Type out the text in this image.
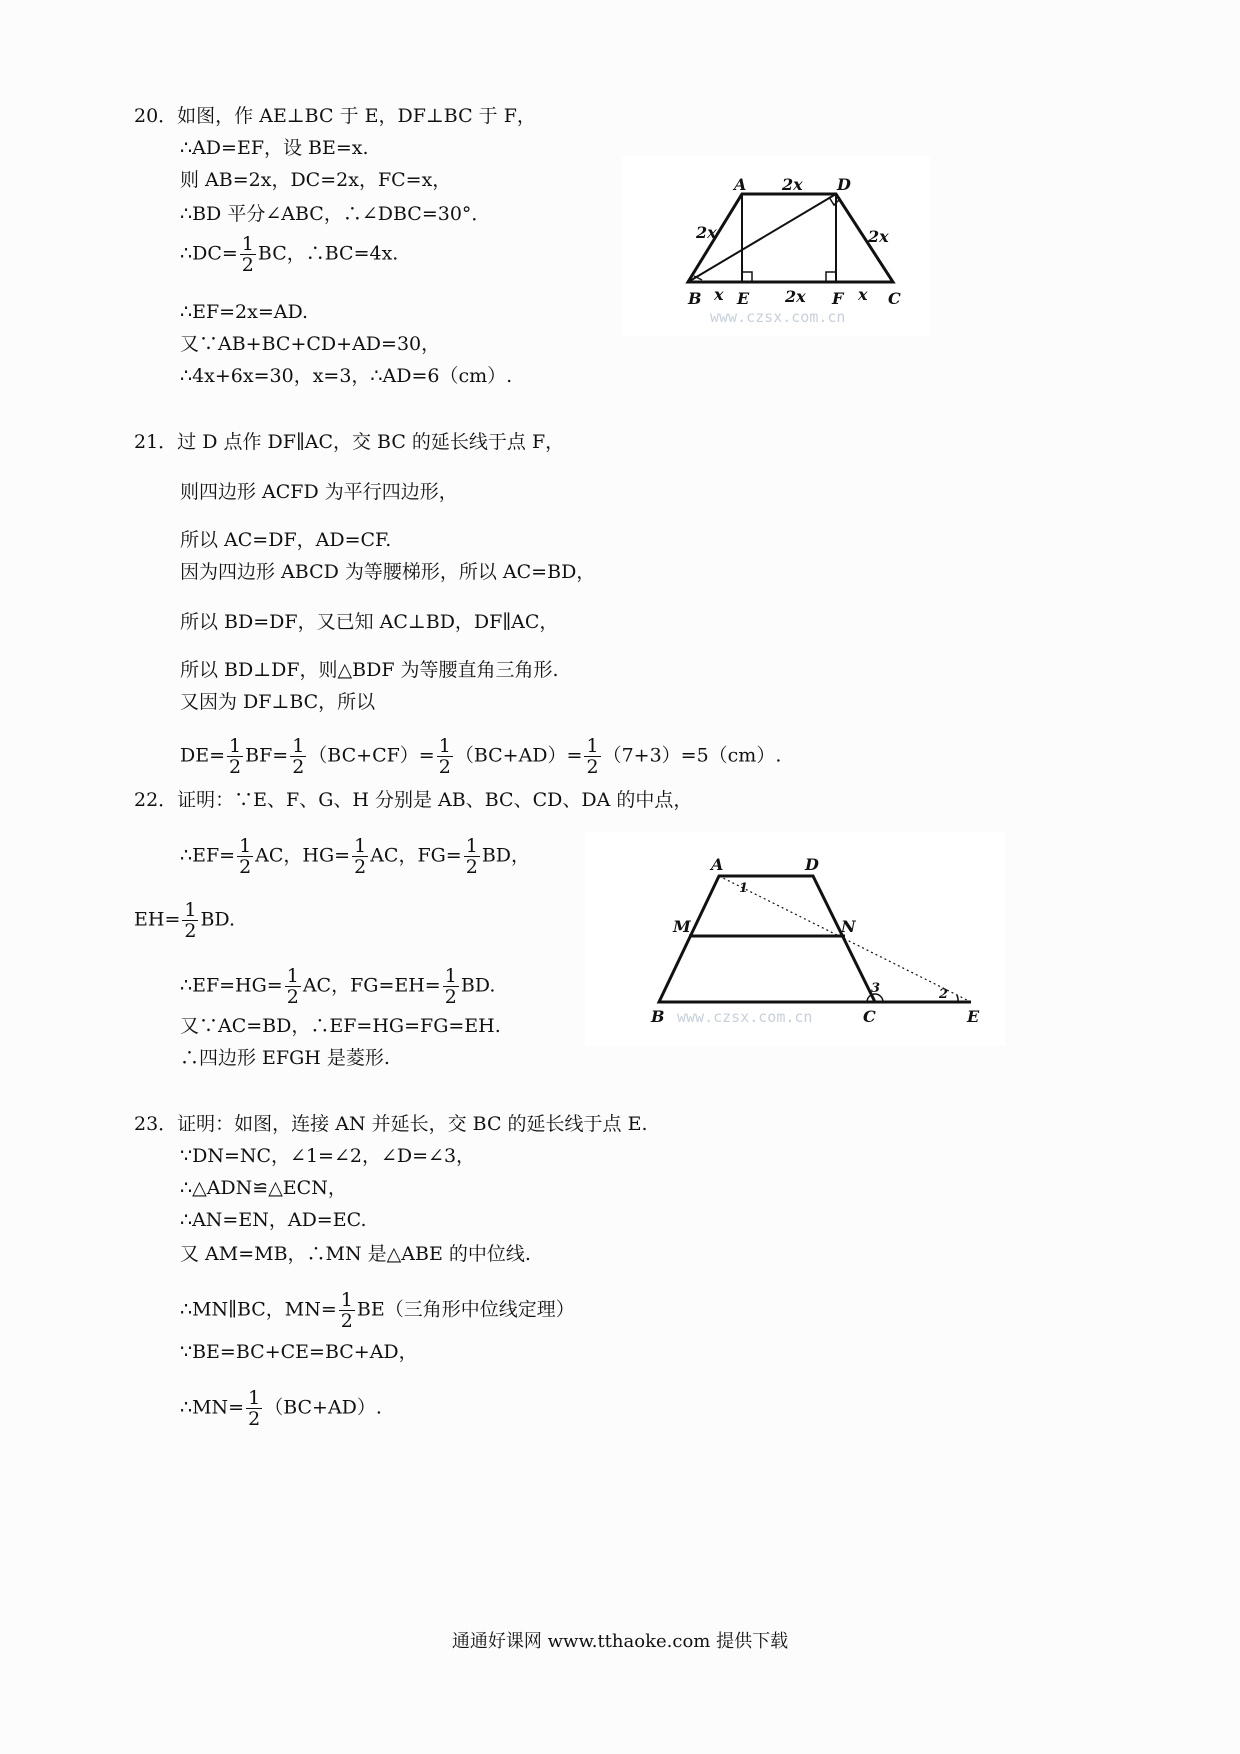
20．如图，作 AE⊥BC 于 E，DF⊥BC 于 F，
∴AD=EF，设 BE=x.
则 AB=2x，DC=2x，FC=x，
∴BD 平分∠ABC，∴∠DBC=30°．
∴DC= $\frac{1}{2}$ BC，∴BC=4x.
∴EF=2x=AD.
又∵AB+BC+CD+AD=30，
∴4x+6x=30，x=3，∴AD=6（cm）.
A 2x D
2x	2x
B x E 2x F x C
www.czsx.com.cn
21．过 D 点作 DF∥AC，交 BC 的延长线于点 F，
则四边形 ACFD 为平行四边形，
所以 AC=DF，AD=CF.
因为四边形 ABCD 为等腰梯形，所以 AC=BD，
所以 BD=DF，又已知 AC⊥BD，DF∥AC，
所以 BD⊥DF，则△BDF 为等腰直角三角形.
又因为 DF⊥BC，所以
$DE= \frac{1}{2} BF= \frac{1}{2} (BC+CF)= \frac{1}{2} (BC+AD)= \frac{1}{2} (7+3)=5(cm)$.
22．证明：∵E、F、G、H 分别是 AB、BC、CD、DA 的中点，
∴EF= $\frac{1}{2}$ AC，$HG= \frac{1}{2}$ AC，$FG= \frac{1}{2}$ BD，
$EH= \frac{1}{2}$ BD.
∴EF=HG= $\frac{1}{2}$ AC，$FG=EH= \frac{1}{2}$ BD.
又∵AC=BD，∴EF=HG=FG=EH.
∴四边形 EFGH 是菱形.
A	D
M	N
B	C	E
1
2
3
www.czsx.com.cn
23．证明：如图，连接 AN 并延长，交 BC 的延长线于点 E.
∵DN=NC，∠1=∠2，∠D=∠3，
∴△ADN≌△ECN，
∴AN=EN，AD=EC.
又 AM=MB，∴MN 是△ABE 的中位线.
∴MN∥BC，$MN= \frac{1}{2} BE$（三角形中位线定理）
∵BE=BC+CE=BC+AD，
∴MN= $\frac{1}{2} (BC+AD)$.
通通好课网 www.tthaoke.com 提供下载
